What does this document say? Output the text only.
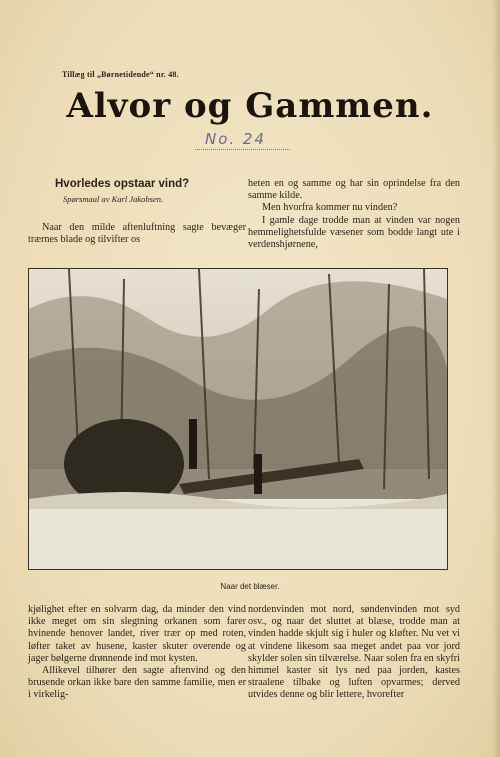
Tillæg til „Børnetidende“ nr. 48.
Alvor og Gammen.
No. 24
Hvorledes opstaar vind?
Spørsmaal av Karl Jakobsen.

Naar den milde aftenluftning sagte bevæger trærnes blade og tilvifter os

heten en og samme og har sin oprindelse fra den samme kilde.

Men hvorfra kommer nu vinden?

I gamle dage trodde man at vinden var nogen hemmelighetsfulde væsener som bodde langt ute i verdenshjørnene,

Naar det blæser.

kjølighet efter en solvarm dag, da minder den vind ikke meget om sin slegtning orkanen som farer hvinende henover landet, river trær op med roten, løfter taket av husene, kaster skuter overende og jager bølgerne drønnende ind mot kysten.

Allikevel tilhører den sagte aftenvind og den brusende orkan ikke bare den samme familie, men er i virkelig-

nordenvinden mot nord, søndenvinden mot syd osv., og naar det sluttet at blæse, trodde man at vinden hadde skjult sig i huler og kløfter. Nu vet vi at vindene likesom saa meget andet paa vor jord skylder solen sin tilværelse. Naar solen fra en skyfri himmel kaster sit lys ned paa jorden, kastes straalene tilbake og luften opvarmes; derved utvides denne og blir lettere, hvorefter
